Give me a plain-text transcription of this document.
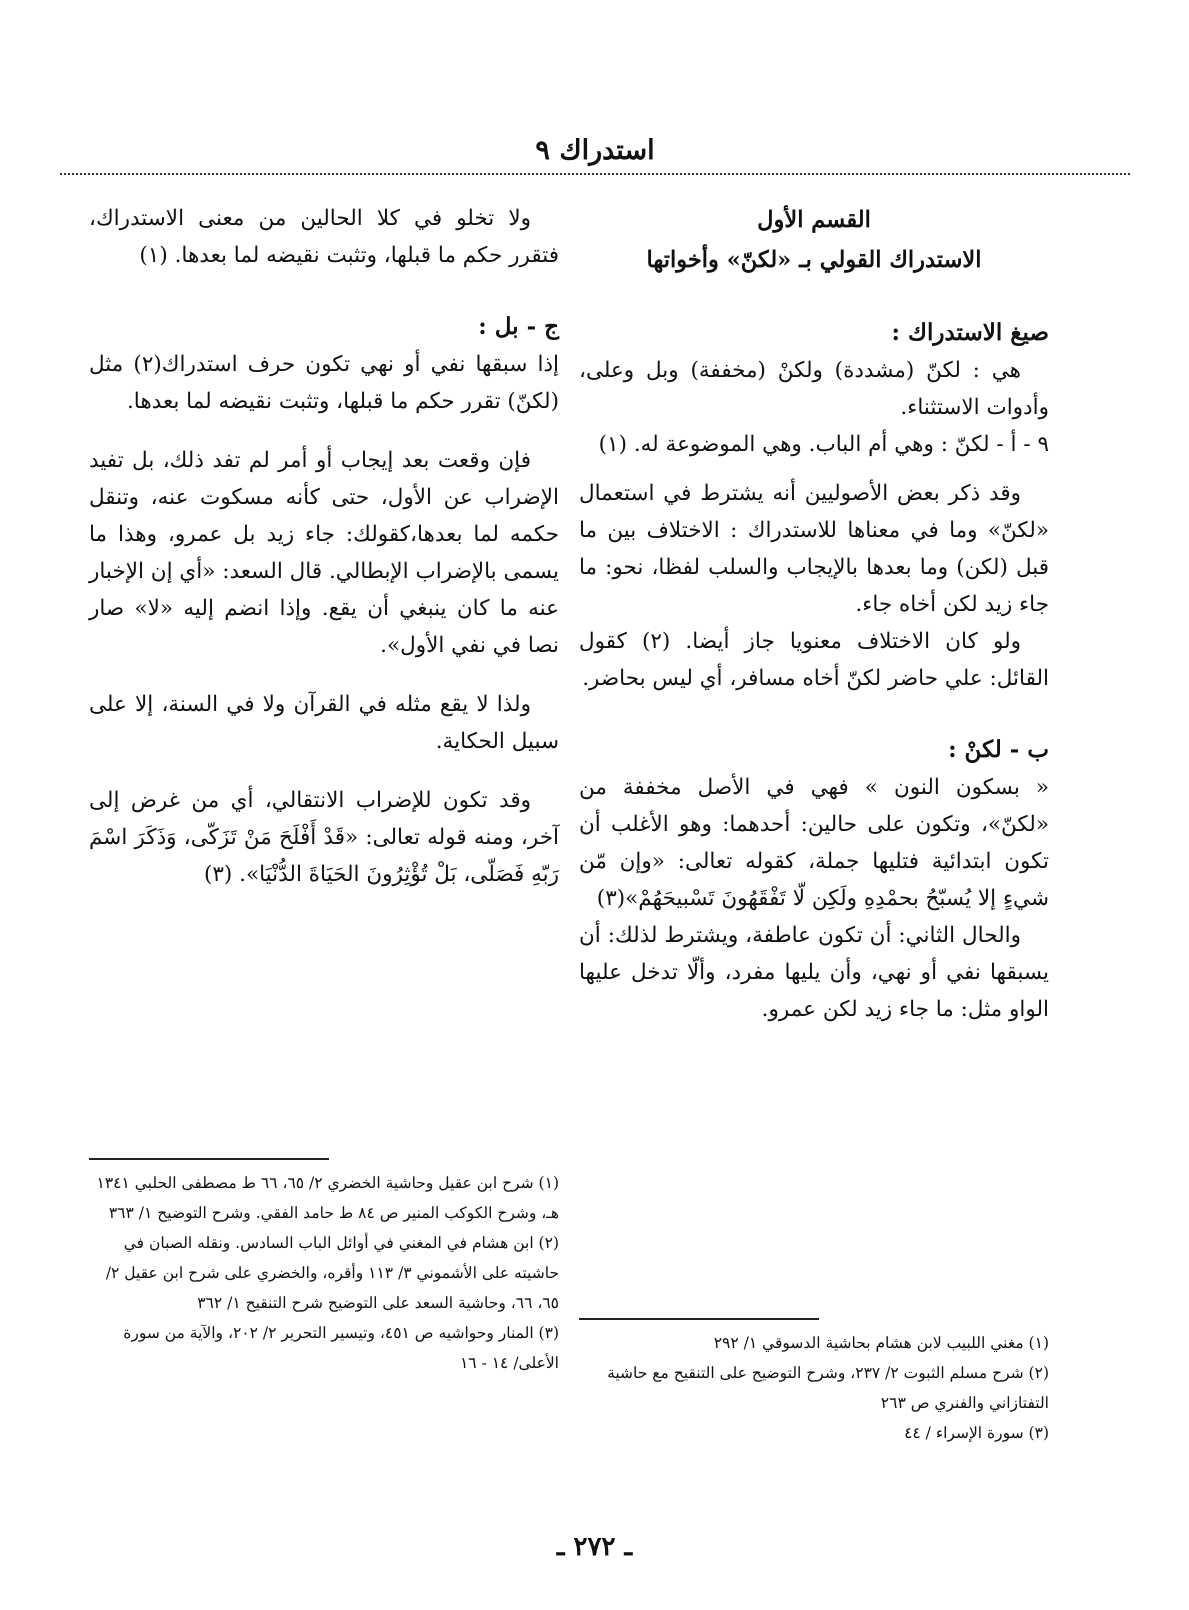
استدراك ٩

القسم الأول

الاستدراك القولي بـ «لكنّ» وأخواتها

صيغ الاستدراك :

هي : لكنّ (مشددة) ولكنْ (مخففة) وبل وعلى، وأدوات الاستثناء.

٩ - أ - لكنّ : وهي أم الباب. وهي الموضوعة له. (١)

وقد ذكر بعض الأصوليين أنه يشترط في استعمال «لكنّ» وما في معناها للاستدراك : الاختلاف بين ما قبل (لكن) وما بعدها بالإيجاب والسلب لفظا، نحو: ما جاء زيد لكن أخاه جاء.

ولو كان الاختلاف معنويا جاز أيضا. (٢) كقول القائل: علي حاضر لكنّ أخاه مسافر، أي ليس بحاضر.

ب - لكنْ :

« بسكون النون » فهي في الأصل مخففة من «لكنّ»، وتكون على حالين: أحدهما: وهو الأغلب أن تكون ابتدائية فتليها جملة، كقوله تعالى: «وإن مّن شيءٍ إلا يُسبّحُ بحمْدِهِ ولَكِن لّا تَفْقَهُونَ تَسْبيحَهُمْ»(٣)

والحال الثاني: أن تكون عاطفة، ويشترط لذلك: أن يسبقها نفي أو نهي، وأن يليها مفرد، وألّا تدخل عليها الواو مثل: ما جاء زيد لكن عمرو.

ولا تخلو في كلا الحالين من معنى الاستدراك، فتقرر حكم ما قبلها، وتثبت نقيضه لما بعدها. (١)

ج - بل :

إذا سبقها نفي أو نهي تكون حرف استدراك(٢) مثل (لكنّ) تقرر حكم ما قبلها، وتثبت نقيضه لما بعدها.

فإن وقعت بعد إيجاب أو أمر لم تفد ذلك، بل تفيد الإضراب عن الأول، حتى كأنه مسكوت عنه، وتنقل حكمه لما بعدها،كقولك: جاء زيد بل عمرو، وهذا ما يسمى بالإضراب الإبطالي. قال السعد: «أي إن الإخبار عنه ما كان ينبغي أن يقع. وإذا انضم إليه «لا» صار نصا في نفي الأول».

ولذا لا يقع مثله في القرآن ولا في السنة، إلا على سبيل الحكاية.

وقد تكون للإضراب الانتقالي، أي من غرض إلى آخر، ومنه قوله تعالى: «قَدْ أَفْلَحَ مَنْ تَزَكّى، وَذَكَرَ اسْمَ رَبّهِ فَصَلّى، بَلْ تُؤْثِرُونَ الحَيَاةَ الدُّنْيَا». (٣)

(١) شرح ابن عقيل وحاشية الخضري ٢/ ٦٥، ٦٦ ط مصطفى الحلبي ١٣٤١ هـ، وشرح الكوكب المنير ص ٨٤ ط حامد الفقي. وشرح التوضيح ١/ ٣٦٣

(٢) ابن هشام في المغني في أوائل الباب السادس. ونقله الصبان في حاشيته على الأشموني ٣/ ١١٣ وأقره، والخضري على شرح ابن عقيل ٢/ ٦٥، ٦٦، وحاشية السعد على التوضيح شرح التنقيح ١/ ٣٦٢

(٣) المنار وحواشيه ص ٤٥١، وتيسير التحرير ٢/ ٢٠٢، والآية من سورة الأعلى/ ١٤ - ١٦

(١) مغني اللبيب لابن هشام بحاشية الدسوقي ١/ ٢٩٢

(٢) شرح مسلم الثبوت ٢/ ٢٣٧، وشرح التوضيح على التنقيح مع حاشية التفتازاني والفنري ص ٢٦٣

(٣) سورة الإسراء / ٤٤

ـ ٢٧٢ ـ
